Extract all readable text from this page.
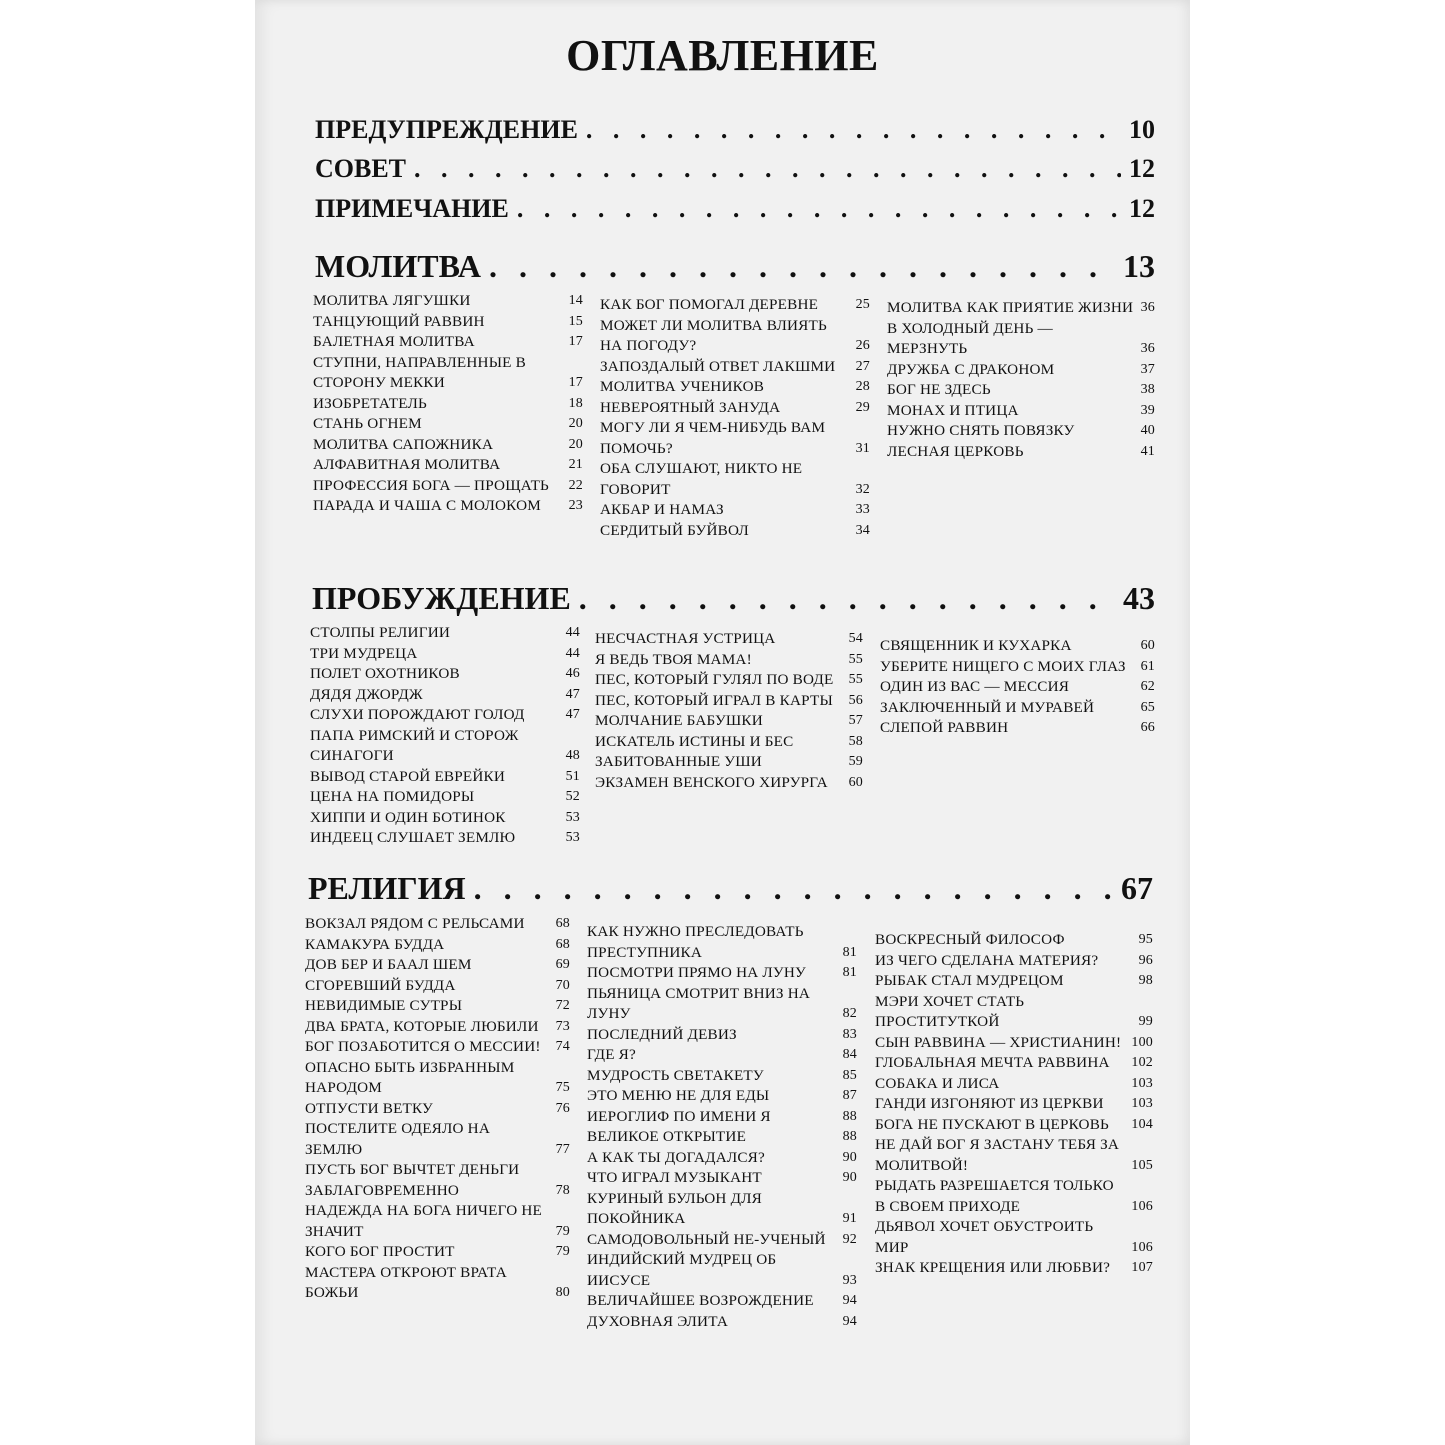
ОГЛАВЛЕНИЕ
ПРЕДУПРЕЖДЕНИЕ . . .	10
СОВЕТ . . .	12
ПРИМЕЧАНИЕ . . .	12
МОЛИТВА . . .	13
МОЛИТВА ЛЯГУШКИ	14
ТАНЦУЮЩИЙ РАВВИН	15
БАЛЕТНАЯ МОЛИТВА	17
СТУПНИ, НАПРАВЛЕННЫЕ В СТОРОНУ МЕККИ	17
ИЗОБРЕТАТЕЛЬ	18
СТАНЬ ОГНЕМ	20
МОЛИТВА САПОЖНИКА	20
АЛФАВИТНАЯ МОЛИТВА	21
ПРОФЕССИЯ БОГА — ПРОЩАТЬ	22
ПАРАДА И ЧАША С МОЛОКОМ	23
КАК БОГ ПОМОГАЛ ДЕРЕВНЕ	25
МОЖЕТ ЛИ МОЛИТВА ВЛИЯТЬ НА ПОГОДУ?	26
ЗАПОЗДАЛЫЙ ОТВЕТ ЛАКШМИ	27
МОЛИТВА УЧЕНИКОВ	28
НЕВЕРОЯТНЫЙ ЗАНУДА	29
МОГУ ЛИ Я ЧЕМ-НИБУДЬ ВАМ ПОМОЧЬ?	31
ОБА СЛУШАЮТ, НИКТО НЕ ГОВОРИТ	32
АКБАР И НАМАЗ	33
СЕРДИТЫЙ БУЙВОЛ	34
МОЛИТВА КАК ПРИЯТИЕ ЖИЗНИ 36
В ХОЛОДНЫЙ ДЕНЬ — МЕРЗНУТЬ	36
ДРУЖБА С ДРАКОНОМ	37
БОГ НЕ ЗДЕСЬ	38
МОНАХ И ПТИЦА	39
НУЖНО СНЯТЬ ПОВЯЗКУ	40
ЛЕСНАЯ ЦЕРКОВЬ	41
ПРОБУЖДЕНИЕ . . .	43
СТОЛПЫ РЕЛИГИИ	44
ТРИ МУДРЕЦА	44
ПОЛЕТ ОХОТНИКОВ	46
ДЯДЯ ДЖОРДЖ	47
СЛУХИ ПОРОЖДАЮТ ГОЛОД	47
ПАПА РИМСКИЙ И СТОРОЖ СИНАГОГИ	48
ВЫВОД СТАРОЙ ЕВРЕЙКИ	51
ЦЕНА НА ПОМИДОРЫ	52
ХИППИ И ОДИН БОТИНОК	53
ИНДЕЕЦ СЛУШАЕТ ЗЕМЛЮ	53
НЕСЧАСТНАЯ УСТРИЦА	54
Я ВЕДЬ ТВОЯ МАМА!	55
ПЕС, КОТОРЫЙ ГУЛЯЛ ПО ВОДЕ	55
ПЕС, КОТОРЫЙ ИГРАЛ В КАРТЫ	56
МОЛЧАНИЕ БАБУШКИ	57
ИСКАТЕЛЬ ИСТИНЫ И БЕС	58
ЗАБИТОВАННЫЕ УШИ	59
ЭКЗАМЕН ВЕНСКОГО ХИРУРГА	60
СВЯЩЕННИК И КУХАРКА	60
УБЕРИТЕ НИЩЕГО С МОИХ ГЛАЗ	61
ОДИН ИЗ ВАС — МЕССИЯ	62
ЗАКЛЮЧЕННЫЙ И МУРАВЕЙ	65
СЛЕПОЙ РАВВИН	66
РЕЛИГИЯ . . .	67
ВОКЗАЛ РЯДОМ С РЕЛЬСАМИ	68
КАМАКУРА БУДДА	68
ДОВ БЕР И БААЛ ШЕМ	69
СГОРЕВШИЙ БУДДА	70
НЕВИДИМЫЕ СУТРЫ	72
ДВА БРАТА, КОТОРЫЕ ЛЮБИЛИ	73
БОГ ПОЗАБОТИТСЯ О МЕССИИ!	74
ОПАСНО БЫТЬ ИЗБРАННЫМ НАРОДОМ	75
ОТПУСТИ ВЕТКУ	76
ПОСТЕЛИТЕ ОДЕЯЛО НА ЗЕМЛЮ	77
ПУСТЬ БОГ ВЫЧТЕТ ДЕНЬГИ ЗАБЛАГОВРЕМЕННО	78
НАДЕЖДА НА БОГА НИЧЕГО НЕ ЗНАЧИТ	79
КОГО БОГ ПРОСТИТ	79
МАСТЕРА ОТКРОЮТ ВРАТА БОЖЬИ	80
КАК НУЖНО ПРЕСЛЕДОВАТЬ ПРЕСТУПНИКА	81
ПОСМОТРИ ПРЯМО НА ЛУНУ	81
ПЬЯНИЦА СМОТРИТ ВНИЗ НА ЛУНУ	82
ПОСЛЕДНИЙ ДЕВИЗ	83
ГДЕ Я?	84
МУДРОСТЬ СВЕТАКЕТУ	85
ЭТО МЕНЮ НЕ ДЛЯ ЕДЫ	87
ИЕРОГЛИФ ПО ИМЕНИ Я	88
ВЕЛИКОЕ ОТКРЫТИЕ	88
А КАК ТЫ ДОГАДАЛСЯ?	90
ЧТО ИГРАЛ МУЗЫКАНТ	90
КУРИНЫЙ БУЛЬОН ДЛЯ ПОКОЙНИКА	91
САМОДОВОЛЬНЫЙ НЕ-УЧЕНЫЙ	92
ИНДИЙСКИЙ МУДРЕЦ ОБ ИИСУСЕ	93
ВЕЛИЧАЙШЕЕ ВОЗРОЖДЕНИЕ	94
ДУХОВНАЯ ЭЛИТА	94
ВОСКРЕСНЫЙ ФИЛОСОФ	95
ИЗ ЧЕГО СДЕЛАНА МАТЕРИЯ?	96
РЫБАК СТАЛ МУДРЕЦОМ	98
МЭРИ ХОЧЕТ СТАТЬ ПРОСТИТУТКОЙ	99
СЫН РАВВИНА — ХРИСТИАНИН! 100
ГЛОБАЛЬНАЯ МЕЧТА РАВВИНА	102
СОБАКА И ЛИСА	103
ГАНДИ ИЗГОНЯЮТ ИЗ ЦЕРКВИ	103
БОГА НЕ ПУСКАЮТ В ЦЕРКОВЬ	104
НЕ ДАЙ БОГ Я ЗАСТАНУ ТЕБЯ ЗА МОЛИТВОЙ!	105
РЫДАТЬ РАЗРЕШАЕТСЯ ТОЛЬКО В СВОЕМ ПРИХОДЕ	106
ДЬЯВОЛ ХОЧЕТ ОБУСТРОИТЬ МИР	106
ЗНАК КРЕЩЕНИЯ ИЛИ ЛЮБВИ?	107
